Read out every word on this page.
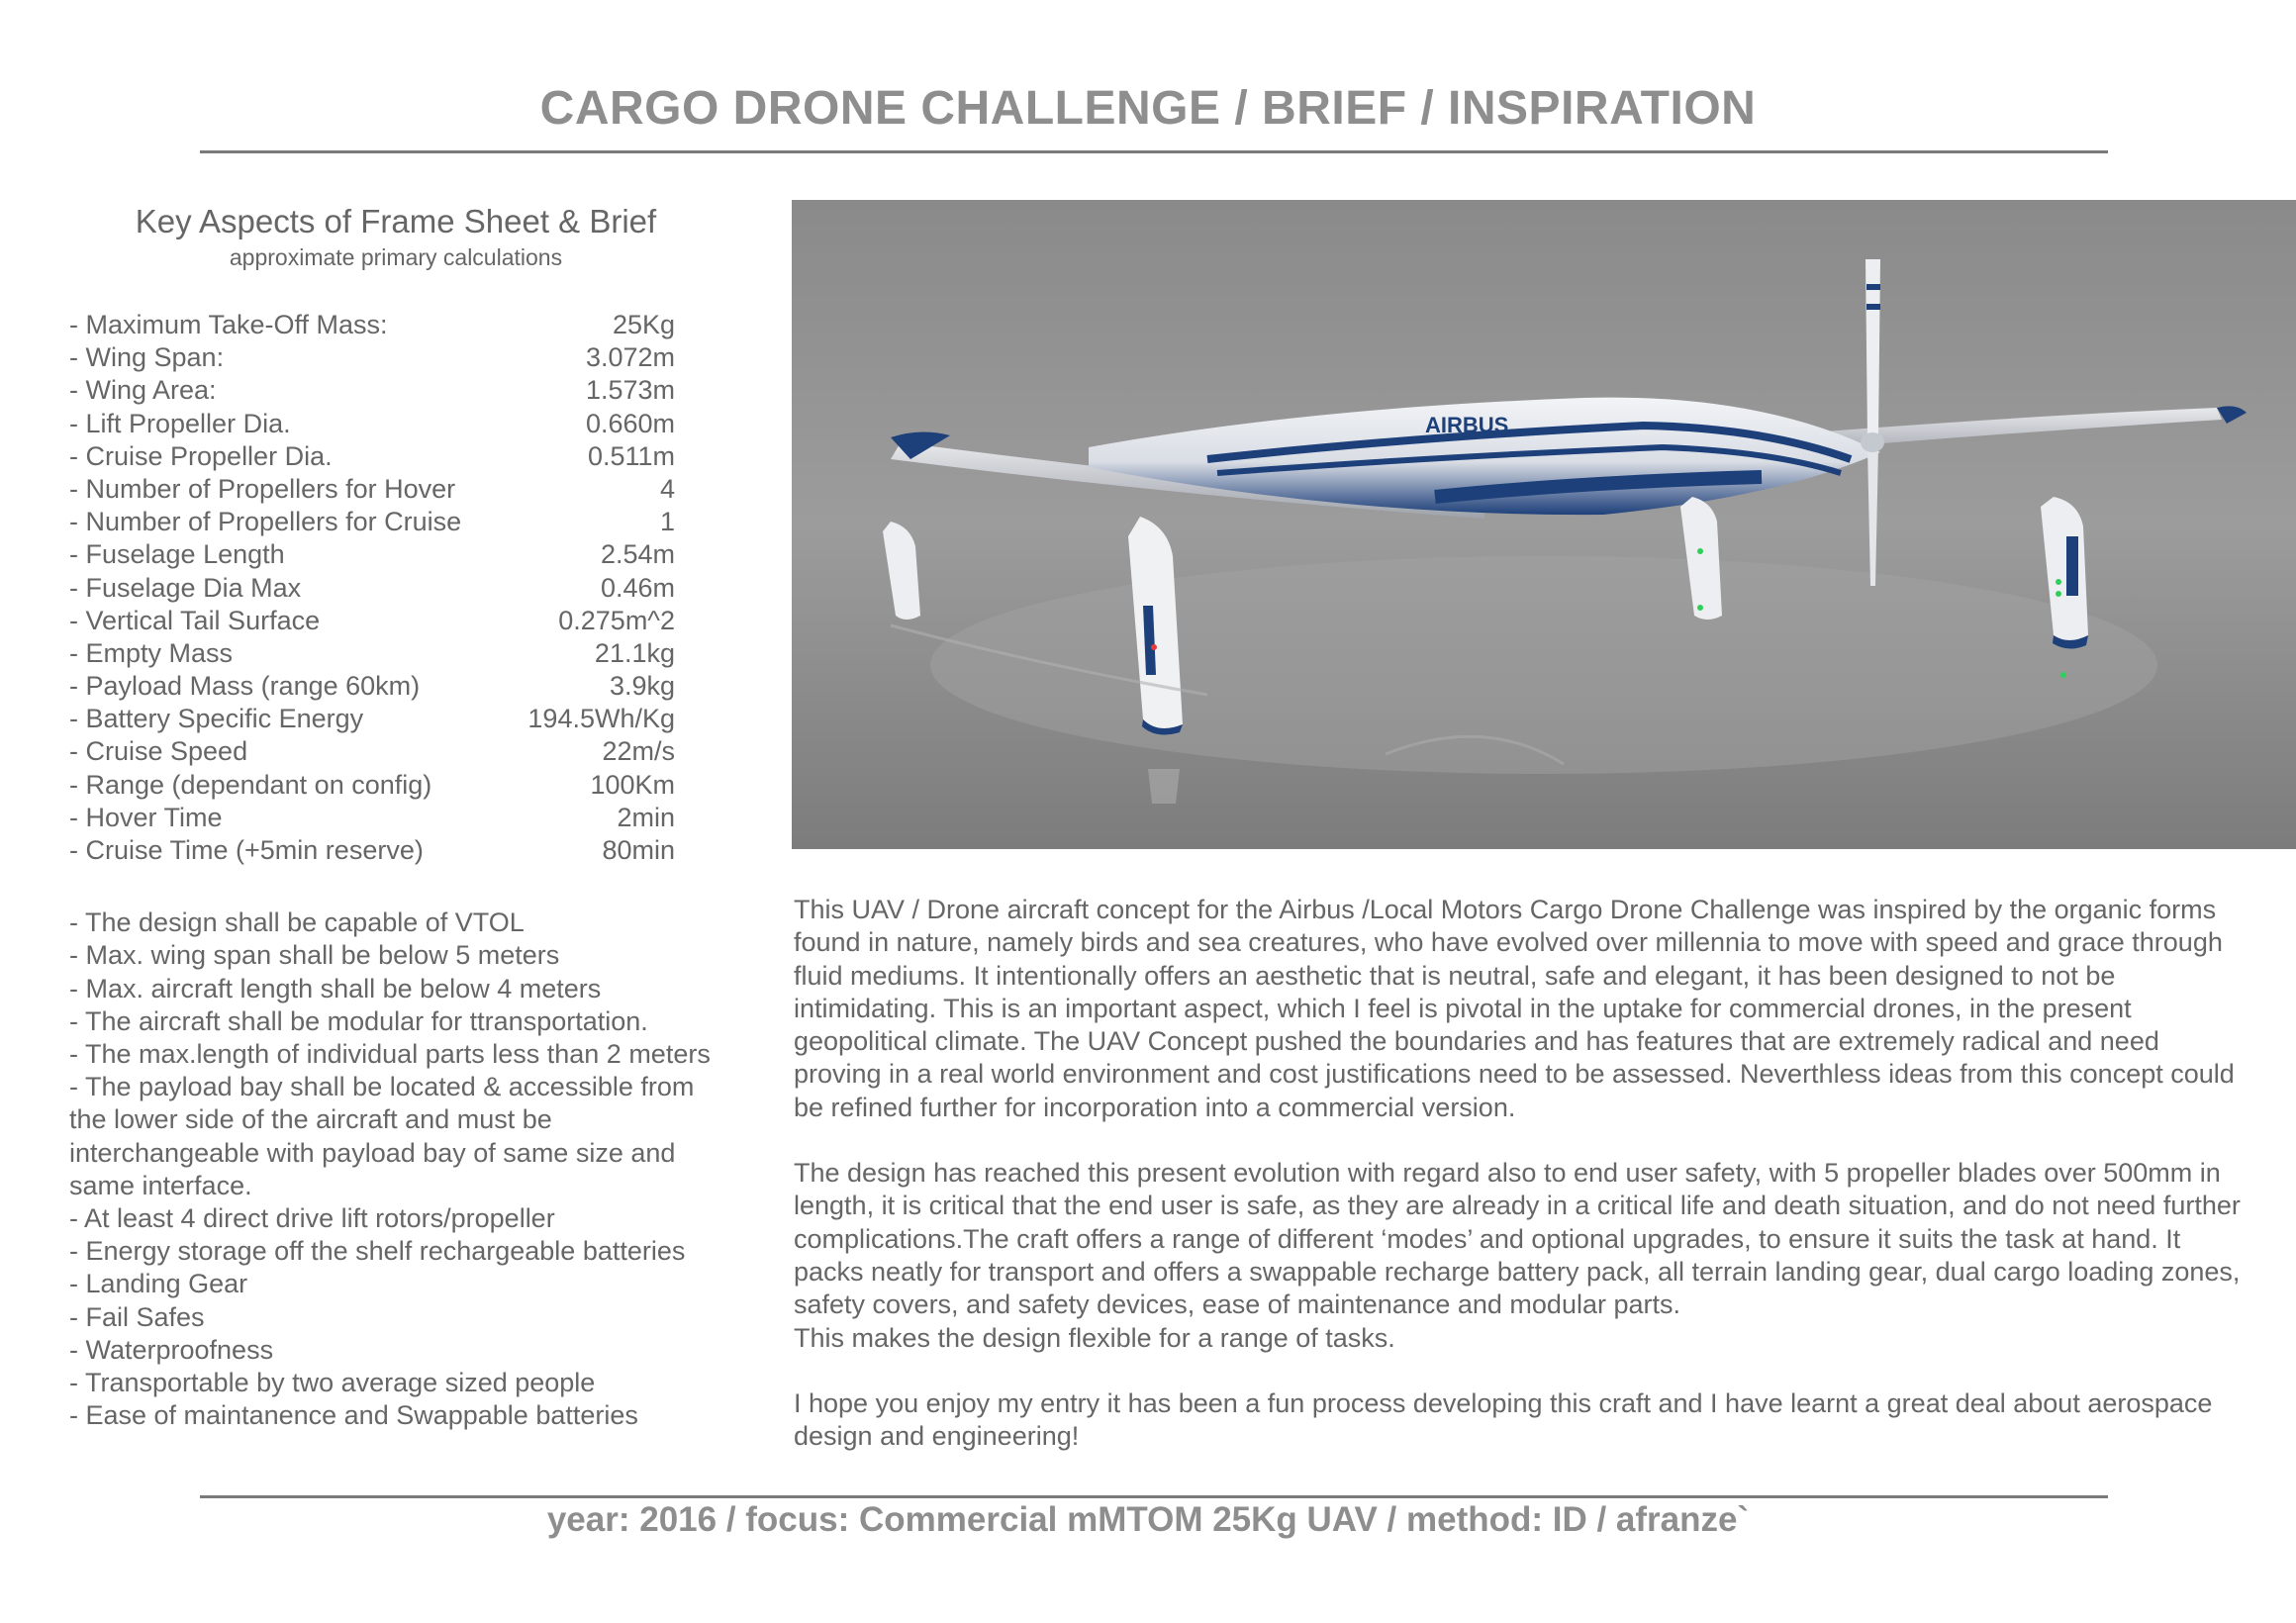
CARGO DRONE CHALLENGE / BRIEF / INSPIRATION
Key Aspects of Frame Sheet & Brief
approximate primary calculations
- Maximum Take-Off Mass:	25Kg
- Wing Span:	3.072m
- Wing Area:	1.573m
- Lift Propeller Dia.	0.660m
- Cruise Propeller Dia.	0.511m
- Number of Propellers for Hover	4
- Number of Propellers for Cruise	1
- Fuselage Length	2.54m
- Fuselage Dia Max	0.46m
- Vertical Tail Surface	0.275m^2
- Empty Mass	21.1kg
- Payload Mass (range 60km)	3.9kg
- Battery Specific Energy	194.5Wh/Kg
- Cruise Speed	22m/s
- Range (dependant on config)	100Km
- Hover Time	2min
- Cruise Time (+5min reserve)	80min

- The design shall be capable of VTOL

- Max. wing span shall be below 5 meters

- Max. aircraft length shall be below 4 meters

- The aircraft shall be modular for ttransportation.

- The max.length of individual parts less than 2 meters

- The payload bay shall be located & accessible from the lower side of the aircraft and must be interchangeable with payload bay of same size and same interface.

- At least 4 direct drive lift rotors/propeller

- Energy storage off the shelf rechargeable batteries

- Landing Gear

- Fail Safes

- Waterproofness

- Transportable by two average sized people

- Ease of maintanence and Swappable batteries

AIRBUS

This UAV / Drone aircraft concept for the Airbus /Local Motors Cargo Drone Challenge was inspired by the organic forms found in nature, namely birds and sea creatures, who have evolved over millennia to move with speed and grace through fluid mediums. It intentionally offers an aesthetic that is neutral, safe and elegant, it has been designed to not be intimidating. This is an important aspect, which I feel is pivotal in the uptake for commercial drones, in the present geopolitical climate. The UAV Concept pushed the boundaries and has features that are extremely radical and need proving in a real world environment and cost justifications need to be assessed. Neverthless ideas from this concept could be refined further for incorporation into a commercial version.

The design has reached this present evolution with regard also to end user safety, with 5 propeller blades over 500mm in length, it is critical that the end user is safe, as they are already in a critical life and death situation, and do not need further complications.The craft offers a range of different ‘modes’ and optional upgrades, to ensure it suits the task at hand. It packs neatly for transport and offers a swappable recharge battery pack, all terrain landing gear, dual cargo loading zones, safety covers, and safety devices, ease of maintenance and modular parts.
This makes the design flexible for a range of tasks.

I hope you enjoy my entry it has been a fun process developing this craft and I have learnt a great deal about aerospace design and engineering!

year: 2016 / focus: Commercial mMTOM 25Kg UAV / method: ID / afranze`
